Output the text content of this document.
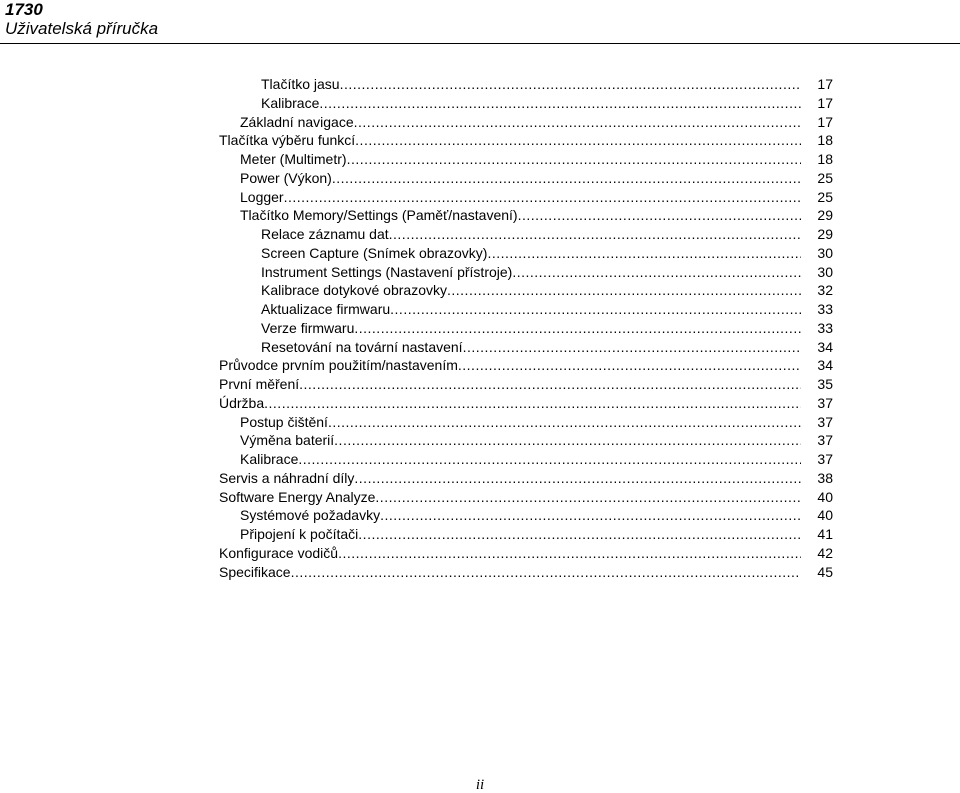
1730
Uživatelská příručka
Tlačítko jasu .....	17
Kalibrace .....	17
Základní navigace .....	17
Tlačítka výběru funkcí .....	18
Meter (Multimetr) .....	18
Power (Výkon) .....	25
Logger .....	25
Tlačítko Memory/Settings (Paměť/nastavení) .....	29
Relace záznamu dat .....	29
Screen Capture (Snímek obrazovky) .....	30
Instrument Settings (Nastavení přístroje) .....	30
Kalibrace dotykové obrazovky .....	32
Aktualizace firmwaru .....	33
Verze firmwaru .....	33
Resetování na tovární nastavení .....	34
Průvodce prvním použitím/nastavením .....	34
První měření .....	35
Údržba .....	37
Postup čištění .....	37
Výměna baterií .....	37
Kalibrace .....	37
Servis a náhradní díly .....	38
Software Energy Analyze .....	40
Systémové požadavky .....	40
Připojení k počítači .....	41
Konfigurace vodičů .....	42
Specifikace .....	45
ii
